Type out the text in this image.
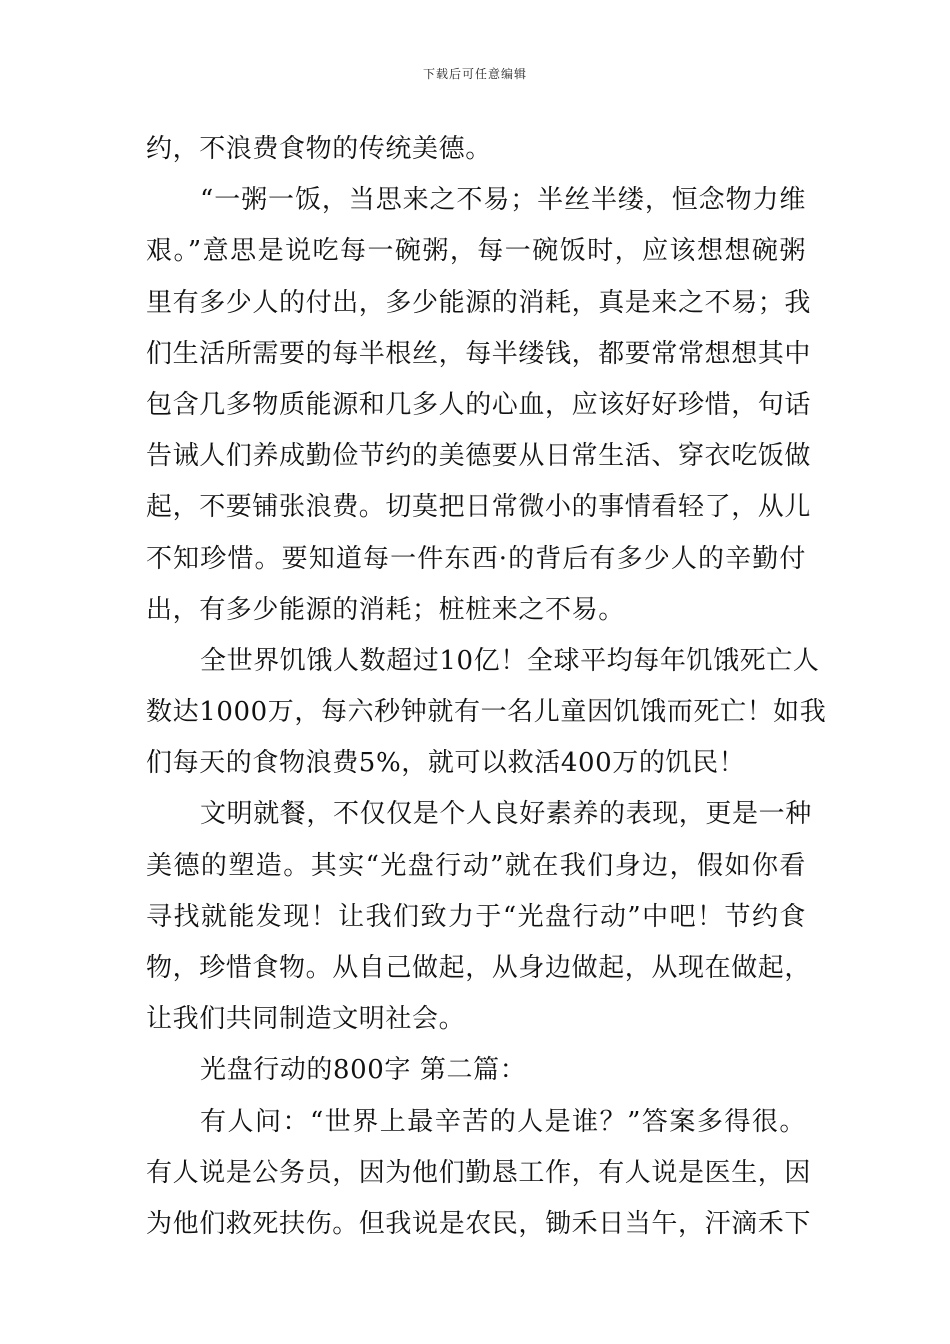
下载后可任意编辑
约，不浪费食物的传统美德。
“一粥一饭，当思来之不易；半丝半缕，恒念物力维
艰。”意思是说吃每一碗粥，每一碗饭时，应该想想碗粥
里有多少人的付出，多少能源的消耗，真是来之不易；我
们生活所需要的每半根丝，每半缕钱，都要常常想想其中
包含几多物质能源和几多人的心血，应该好好珍惜，句话
告诫人们养成勤俭节约的美德要从日常生活、穿衣吃饭做
起，不要铺张浪费。切莫把日常微小的事情看轻了，从儿
不知珍惜。要知道每一件东西·的背后有多少人的辛勤付
出，有多少能源的消耗；桩桩来之不易。
全世界饥饿人数超过10亿！全球平均每年饥饿死亡人
数达1000万，每六秒钟就有一名儿童因饥饿而死亡！如我
们每天的食物浪费5%，就可以救活400万的饥民！
文明就餐，不仅仅是个人良好素养的表现，更是一种
美德的塑造。其实“光盘行动”就在我们身边，假如你看
寻找就能发现！让我们致力于“光盘行动”中吧！节约食
物，珍惜食物。从自己做起，从身边做起，从现在做起，
让我们共同制造文明社会。
光盘行动的800字 第二篇：
有人问：“世界上最辛苦的人是谁？”答案多得很。
有人说是公务员，因为他们勤恳工作，有人说是医生，因
为他们救死扶伤。但我说是农民，锄禾日当午，汗滴禾下
